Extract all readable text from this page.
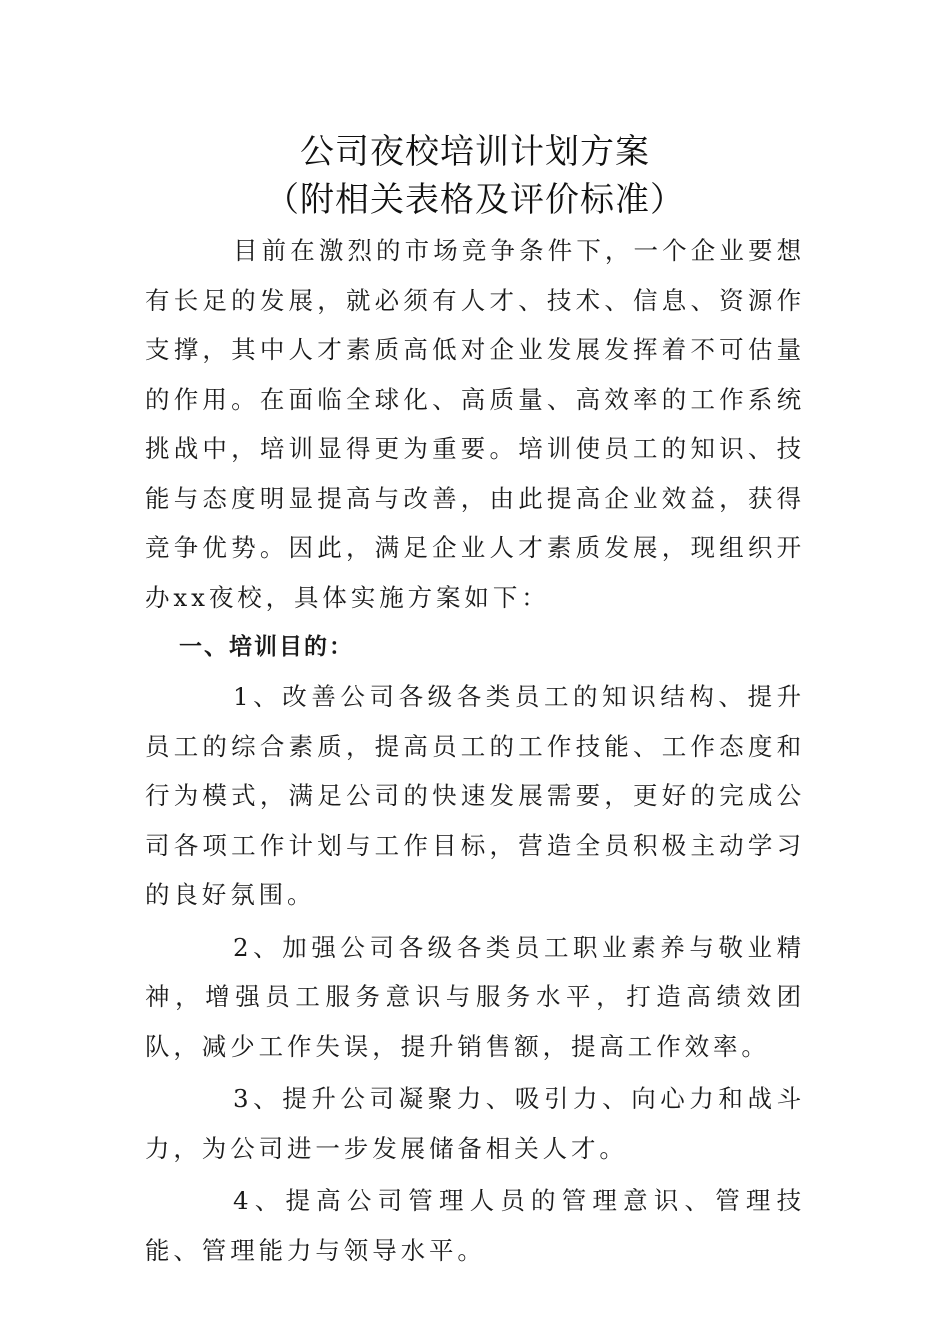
公司夜校培训计划方案
（附相关表格及评价标准）

目前在激烈的市场竞争条件下，一个企业要想有长足的发展，就必须有人才、技术、信息、资源作支撑，其中人才素质高低对企业发展发挥着不可估量的作用。在面临全球化、高质量、高效率的工作系统挑战中，培训显得更为重要。培训使员工的知识、技能与态度明显提高与改善，由此提高企业效益，获得竞争优势。因此，满足企业人才素质发展，现组织开办xx夜校，具体实施方案如下：

一、培训目的：

1、改善公司各级各类员工的知识结构、提升员工的综合素质，提高员工的工作技能、工作态度和行为模式，满足公司的快速发展需要，更好的完成公司各项工作计划与工作目标，营造全员积极主动学习的良好氛围。

2、加强公司各级各类员工职业素养与敬业精神，增强员工服务意识与服务水平，打造高绩效团队，减少工作失误，提升销售额，提高工作效率。

3、提升公司凝聚力、吸引力、向心力和战斗力，为公司进一步发展储备相关人才。

4、提高公司管理人员的管理意识、管理技能、管理能力与领导水平。
